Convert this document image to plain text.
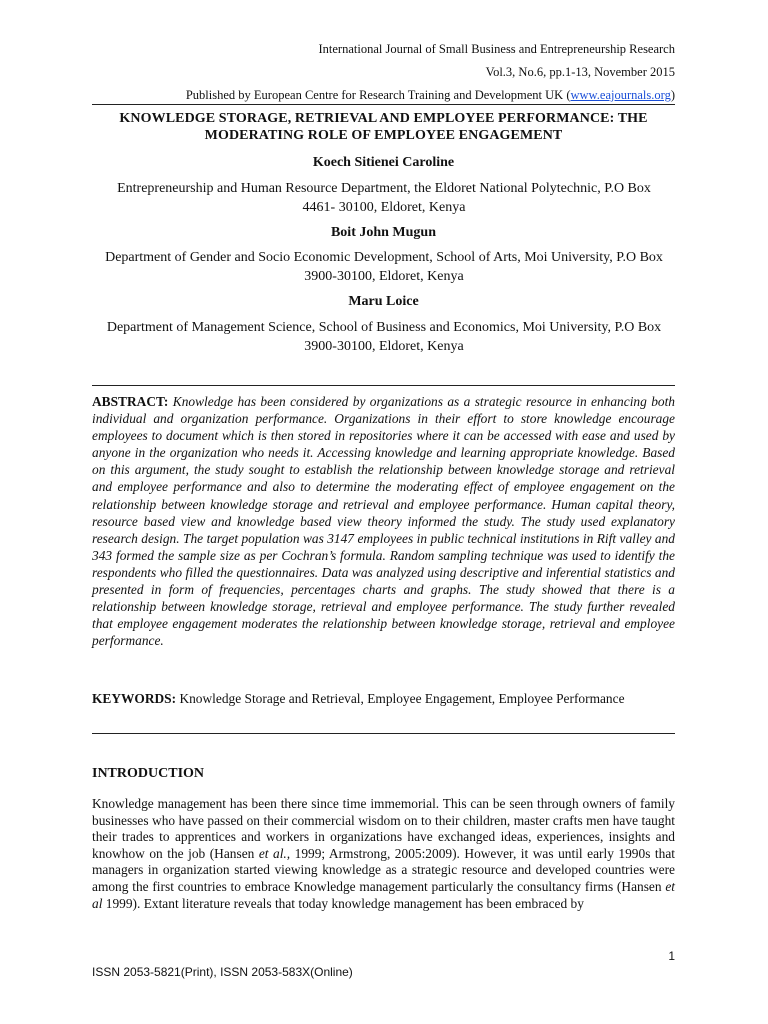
International Journal of Small Business and Entrepreneurship Research
Vol.3, No.6, pp.1-13, November 2015
Published by European Centre for Research Training and Development UK (www.eajournals.org)
KNOWLEDGE STORAGE, RETRIEVAL AND EMPLOYEE PERFORMANCE: THE MODERATING ROLE OF EMPLOYEE ENGAGEMENT
Koech Sitienei Caroline
Entrepreneurship and Human Resource Department, the Eldoret National Polytechnic, P.O Box 4461- 30100, Eldoret, Kenya
Boit John Mugun
Department of Gender and Socio Economic Development, School of Arts, Moi University, P.O Box 3900-30100, Eldoret, Kenya
Maru Loice
Department of Management Science, School of Business and Economics, Moi University, P.O Box 3900-30100, Eldoret, Kenya
ABSTRACT: Knowledge has been considered by organizations as a strategic resource in enhancing both individual and organization performance. Organizations in their effort to store knowledge encourage employees to document which is then stored in repositories where it can be accessed with ease and used by anyone in the organization who needs it. Accessing knowledge and learning appropriate knowledge. Based on this argument, the study sought to establish the relationship between knowledge storage and retrieval and employee performance and also to determine the moderating effect of employee engagement on the relationship between knowledge storage and retrieval and employee performance. Human capital theory, resource based view and knowledge based view theory informed the study. The study used explanatory research design. The target population was 3147 employees in public technical institutions in Rift valley and 343 formed the sample size as per Cochran’s formula. Random sampling technique was used to identify the respondents who filled the questionnaires. Data was analyzed using descriptive and inferential statistics and presented in form of frequencies, percentages charts and graphs. The study showed that there is a relationship between knowledge storage, retrieval and employee performance. The study further revealed that employee engagement moderates the relationship between knowledge storage, retrieval and employee performance.
KEYWORDS: Knowledge Storage and Retrieval, Employee Engagement, Employee Performance
INTRODUCTION
Knowledge management has been there since time immemorial. This can be seen through owners of family businesses who have passed on their commercial wisdom on to their children, master crafts men have taught their trades to apprentices and workers in organizations have exchanged ideas, experiences, insights and knowhow on the job (Hansen et al., 1999; Armstrong, 2005:2009). However, it was until early 1990s that managers in organization started viewing knowledge as a strategic resource and developed countries were among the first countries to embrace Knowledge management particularly the consultancy firms (Hansen et al 1999). Extant literature reveals that today knowledge management has been embraced by
1
ISSN 2053-5821(Print), ISSN 2053-583X(Online)
